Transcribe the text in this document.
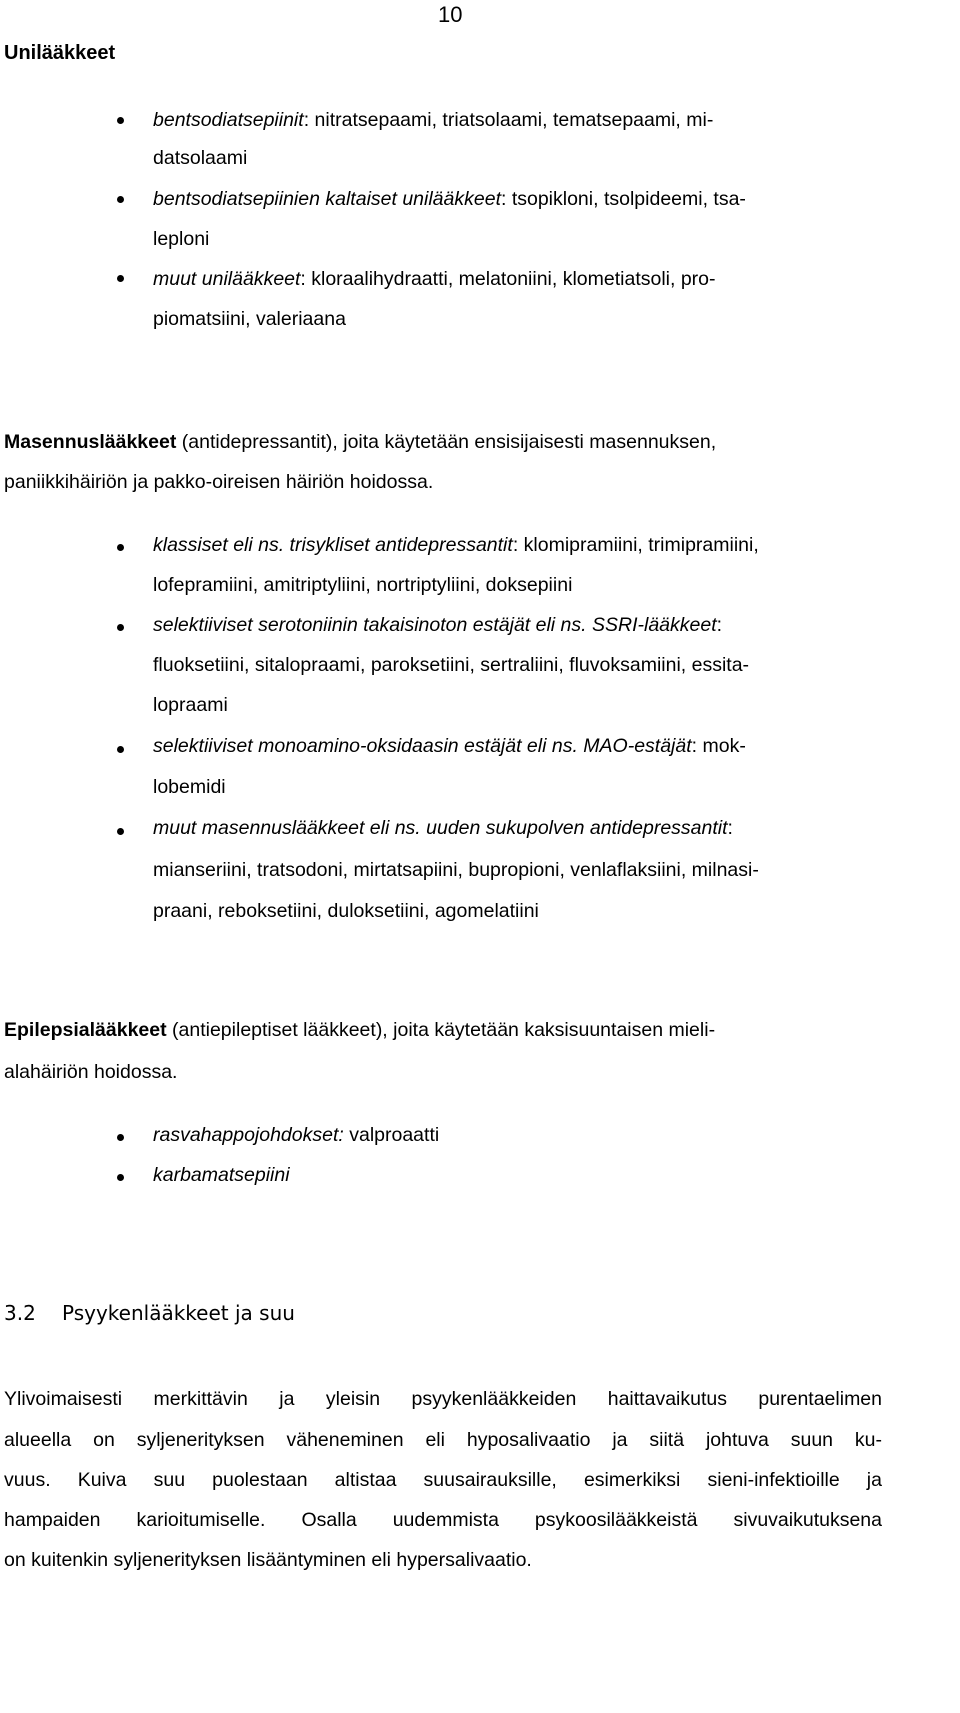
10
Unilääkkeet
bentsodiatsepiinit: nitratsepaami, triatsolaami, tematsepaami, mi-
datsolaami
bentsodiatsepiinien kaltaiset unilääkkeet: tsopikloni, tsolpideemi, tsa-
leploni
muut unilääkkeet: kloraalihydraatti, melatoniini, klometiatsoli, pro-
piomatsiini, valeriaana
Masennuslääkkeet (antidepressantit), joita käytetään ensisijaisesti masennuksen,
paniikkihäiriön ja pakko-oireisen häiriön hoidossa.
klassiset eli ns. trisykliset antidepressantit: klomipramiini, trimipramiini,
lofepramiini, amitriptyliini, nortriptyliini, doksepiini
selektiiviset serotoniinin takaisinoton estäjät eli ns. SSRI-lääkkeet:
fluoksetiini, sitalopraami, paroksetiini, sertraliini, fluvoksamiini, essita-
lopraami
selektiiviset monoamino-oksidaasin estäjät eli ns. MAO-estäjät: mok-
lobemidi
muut masennuslääkkeet eli ns. uuden sukupolven antidepressantit:
mianseriini, tratsodoni, mirtatsapiini, bupropioni, venlaflaksiini, milnasi-
praani, reboksetiini, duloksetiini, agomelatiini
Epilepsialääkkeet (antiepileptiset lääkkeet), joita käytetään kaksisuuntaisen mieli-
alahäiriön hoidossa.
rasvahappojohdokset: valproaatti
karbamatsepiini
3.2 Psyykenlääkkeet ja suu
Ylivoimaisesti merkittävin ja yleisin psyykenlääkkeiden haittavaikutus purentaelimen
alueella on syljenerityksen väheneminen eli hyposalivaatio ja siitä johtuva suun ku-
vuus. Kuiva suu puolestaan altistaa suusairauksille, esimerkiksi sieni-infektioille ja
hampaiden karioitumiselle. Osalla uudemmista psykoosilääkkeistä sivuvaikutuksena
on kuitenkin syljenerityksen lisääntyminen eli hypersalivaatio.
